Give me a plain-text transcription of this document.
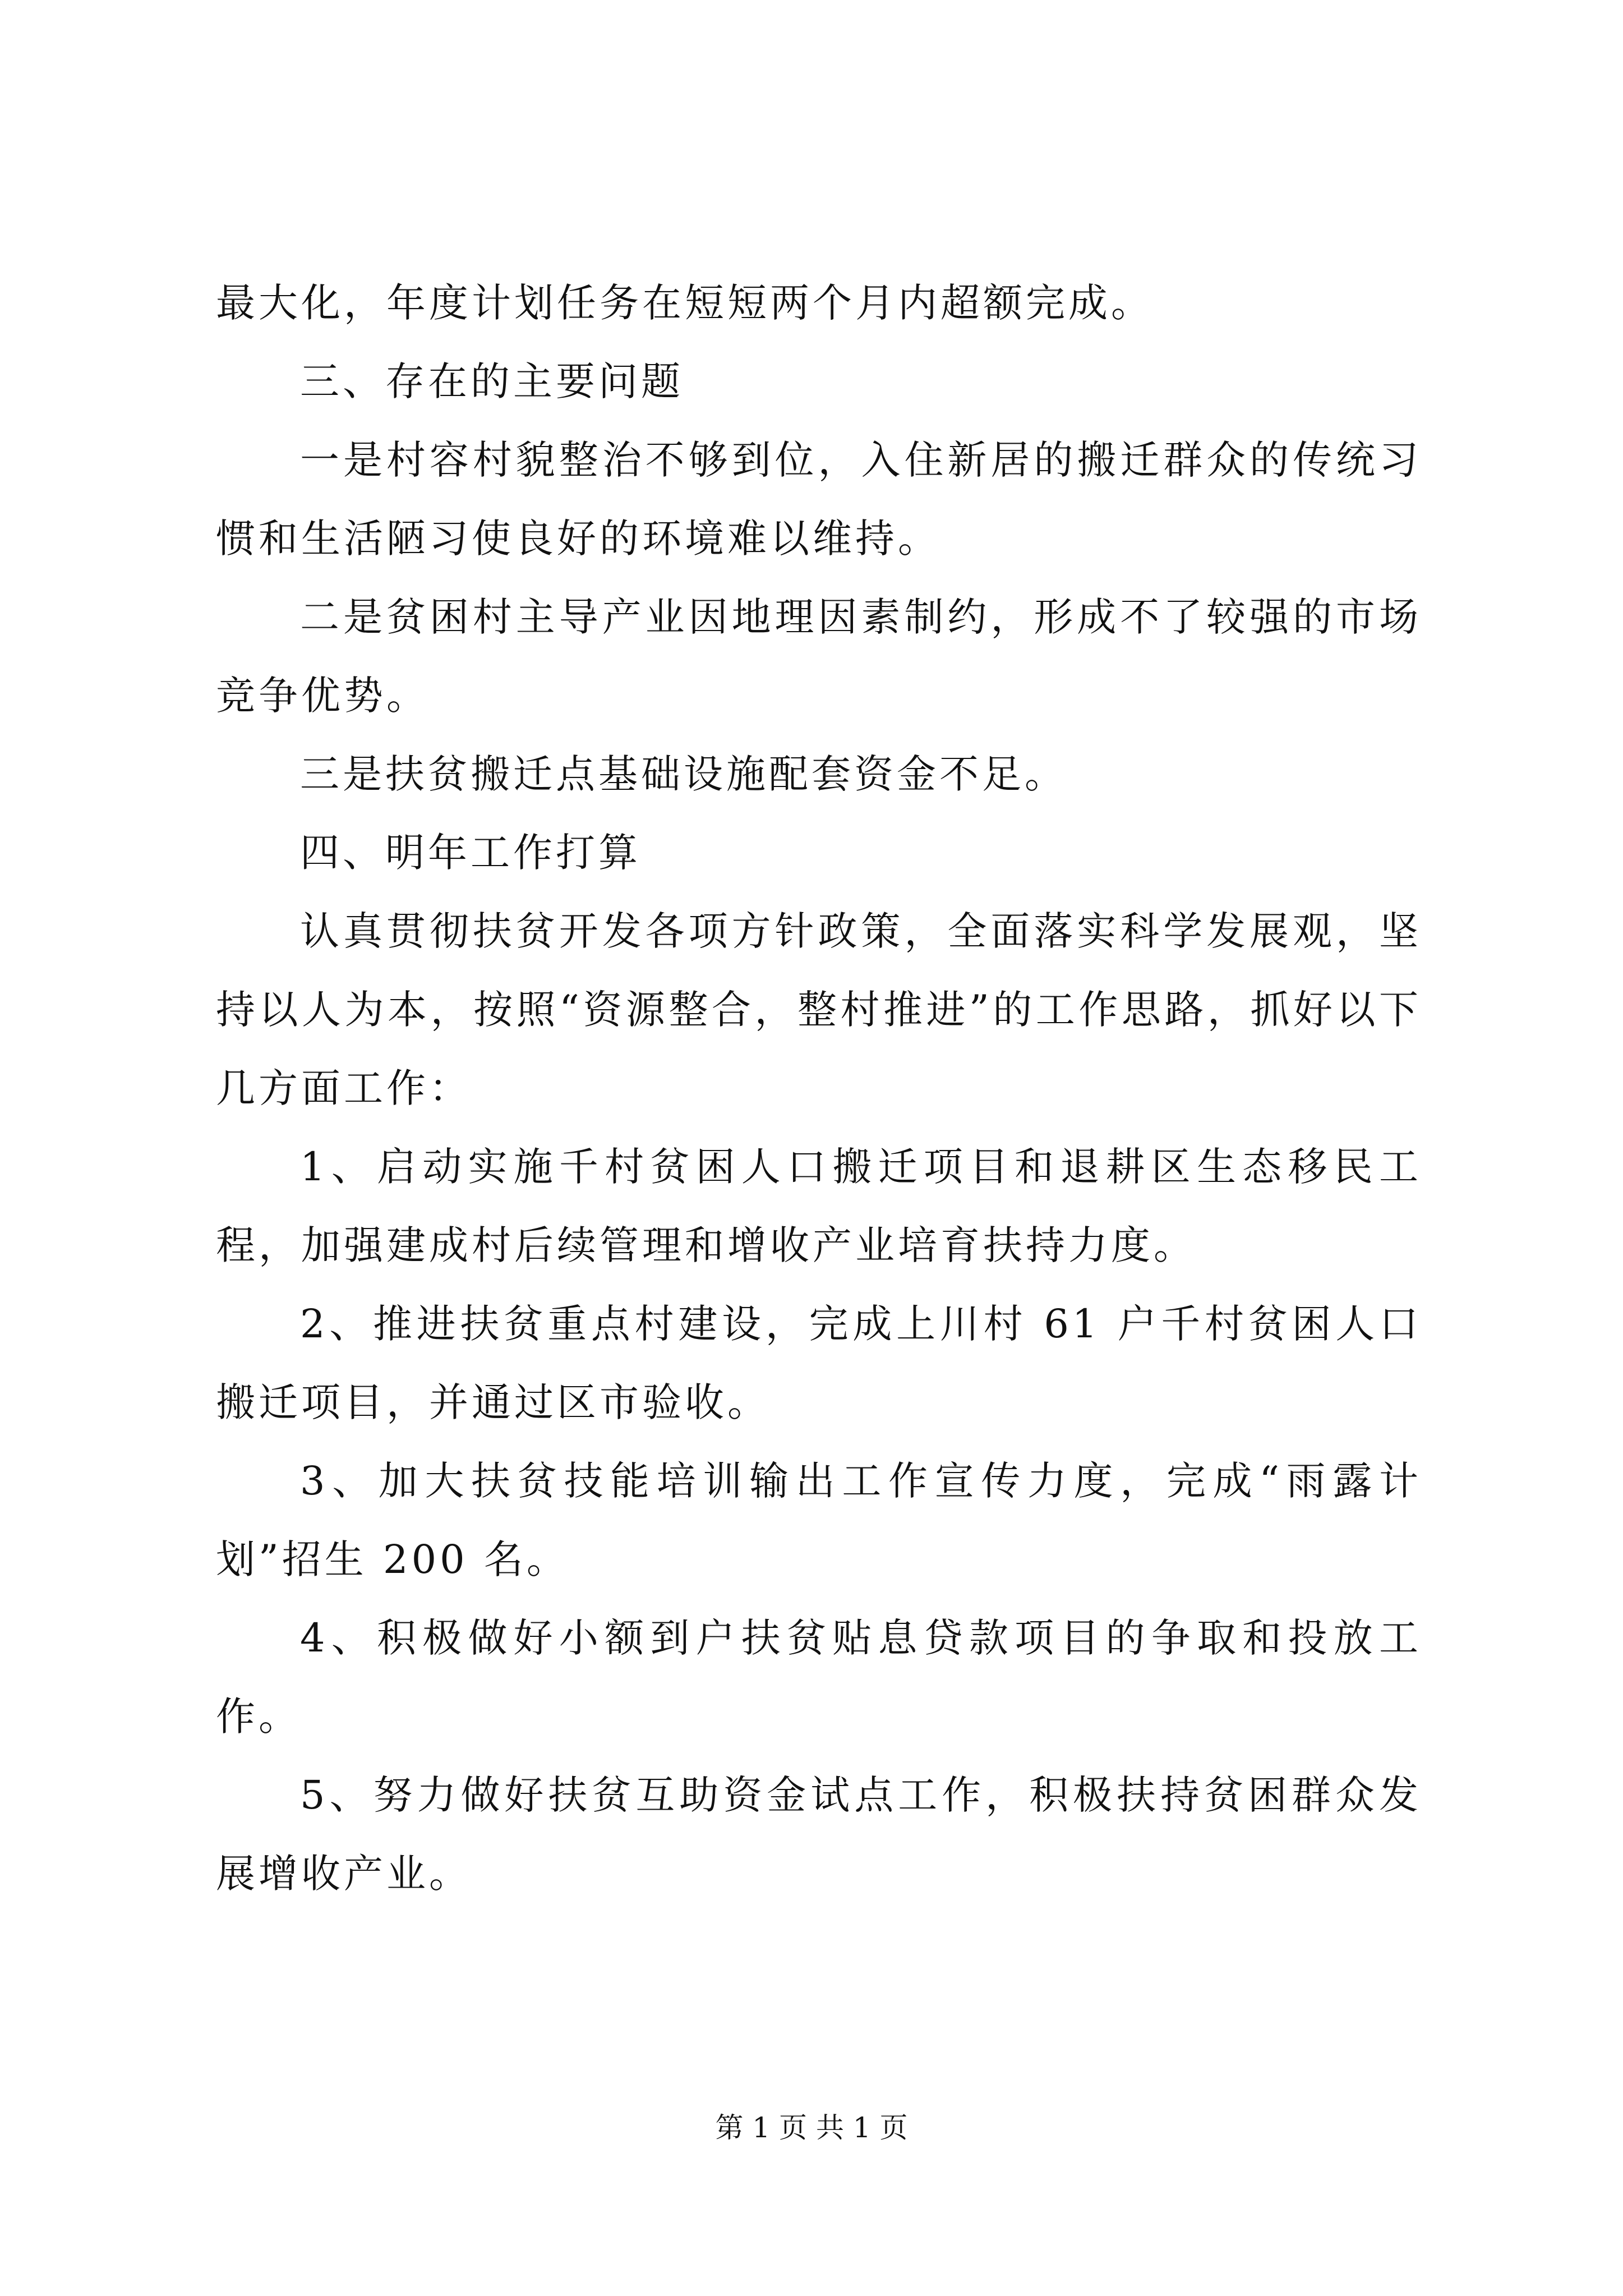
最大化，年度计划任务在短短两个月内超额完成。

三、存在的主要问题

一是村容村貌整治不够到位，入住新居的搬迁群众的传统习惯和生活陋习使良好的环境难以维持。

二是贫困村主导产业因地理因素制约，形成不了较强的市场竞争优势。

三是扶贫搬迁点基础设施配套资金不足。

四、明年工作打算

认真贯彻扶贫开发各项方针政策，全面落实科学发展观，坚持以人为本，按照“资源整合，整村推进”的工作思路，抓好以下几方面工作：

1、启动实施千村贫困人口搬迁项目和退耕区生态移民工程，加强建成村后续管理和增收产业培育扶持力度。

2、推进扶贫重点村建设，完成上川村 61 户千村贫困人口搬迁项目，并通过区市验收。

3、加大扶贫技能培训输出工作宣传力度，完成“雨露计划”招生 200 名。

4、积极做好小额到户扶贫贴息贷款项目的争取和投放工作。

5、努力做好扶贫互助资金试点工作，积极扶持贫困群众发展增收产业。

第 1 页 共 1 页
